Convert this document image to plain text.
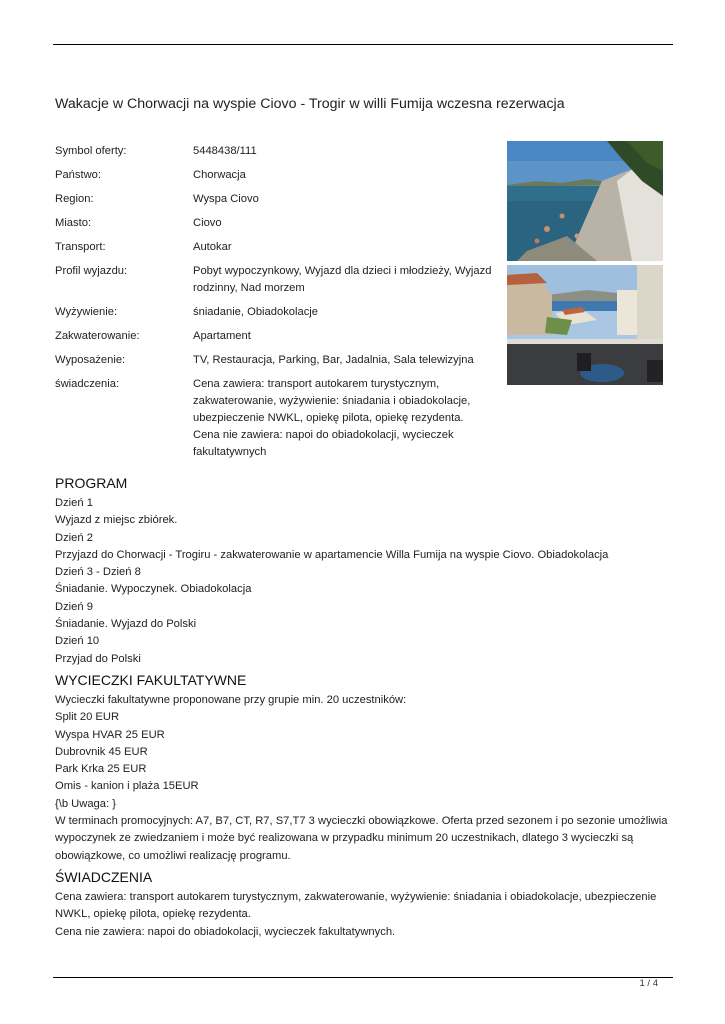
Wakacje w Chorwacji na wyspie Ciovo - Trogir w willi Fumija wczesna rezerwacja
Symbol oferty:	5448438/111
Państwo:	Chorwacja
Region:	Wyspa Ciovo
Miasto:	Ciovo
Transport:	Autokar
Profil wyjazdu:	Pobyt wypoczynkowy, Wyjazd dla dzieci i młodzieży, Wyjazd rodzinny, Nad morzem
Wyżywienie:	śniadanie, Obiadokolacje
Zakwaterowanie:	Apartament
Wyposażenie:	TV, Restauracja, Parking, Bar, Jadalnia, Sala telewizyjna
świadczenia:	Cena zawiera: transport autokarem turystycznym, zakwaterowanie, wyżywienie: śniadania i obiadokolacje, ubezpieczenie NWKL, opiekę pilota, opiekę rezydenta. Cena nie zawiera: napoi do obiadokolacji, wycieczek fakultatywnych
PROGRAM
Dzień 1
Wyjazd z miejsc zbiórek.
Dzień 2
Przyjazd do Chorwacji - Trogiru - zakwaterowanie w apartamencie Willa Fumija na wyspie Ciovo. Obiadokolacja
Dzień 3 - Dzień 8
Śniadanie. Wypoczynek. Obiadokolacja
Dzień 9
Śniadanie. Wyjazd do Polski
Dzień 10
Przyjad do Polski
WYCIECZKI FAKULTATYWNE
Wycieczki fakultatywne proponowane przy grupie min. 20 uczestników:
Split 20 EUR
Wyspa HVAR 25 EUR
Dubrovnik 45 EUR
Park Krka 25 EUR
Omis - kanion i plaża 15EUR
{\b Uwaga: }
W terminach promocyjnych: A7, B7, CT, R7, S7,T7 3 wycieczki obowiązkowe. Oferta przed sezonem i po sezonie umożliwia
wypoczynek ze zwiedzaniem i może być realizowana w przypadku minimum 20 uczestnikach, dlatego 3 wycieczki są
obowiązkowe, co umożliwi realizację programu.
ŚWIADCZENIA
Cena zawiera: transport autokarem turystycznym, zakwaterowanie, wyżywienie: śniadania i obiadokolacje, ubezpieczenie
NWKL, opiekę pilota, opiekę rezydenta.
Cena nie zawiera: napoi do obiadokolacji, wycieczek fakultatywnych.
1 / 4
